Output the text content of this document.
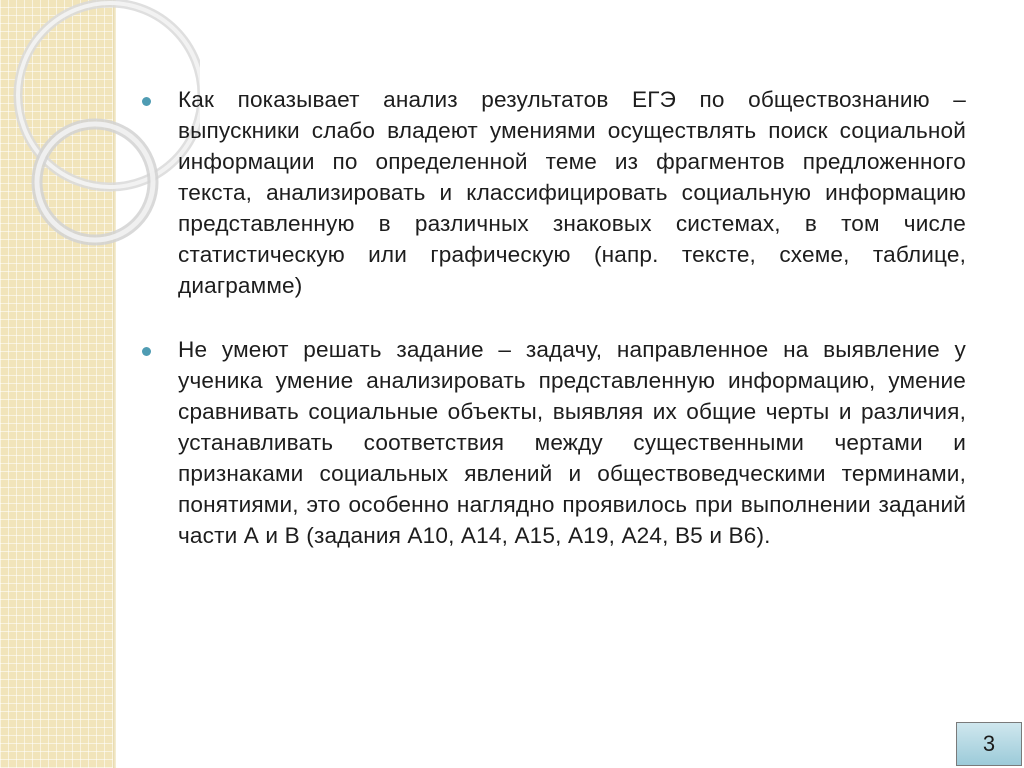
Как показывает анализ результатов ЕГЭ по обществознанию – выпускники слабо владеют умениями осуществлять поиск социальной информации по определенной теме из фрагментов предложенного текста, анализировать и классифицировать социальную информацию представленную в различных знаковых системах, в том числе статистическую или графическую (напр. тексте, схеме, таблице, диаграмме)
Не умеют решать задание – задачу, направленное на выявление у ученика умение анализировать представленную информацию, умение сравнивать социальные объекты, выявляя их общие черты и различия, устанавливать соответствия между существенными чертами и признаками социальных явлений и обществоведческими терминами, понятиями, это особенно наглядно проявилось при выполнении заданий части А и В (задания А10, А14, А15, А19, А24, В5 и В6).
3
